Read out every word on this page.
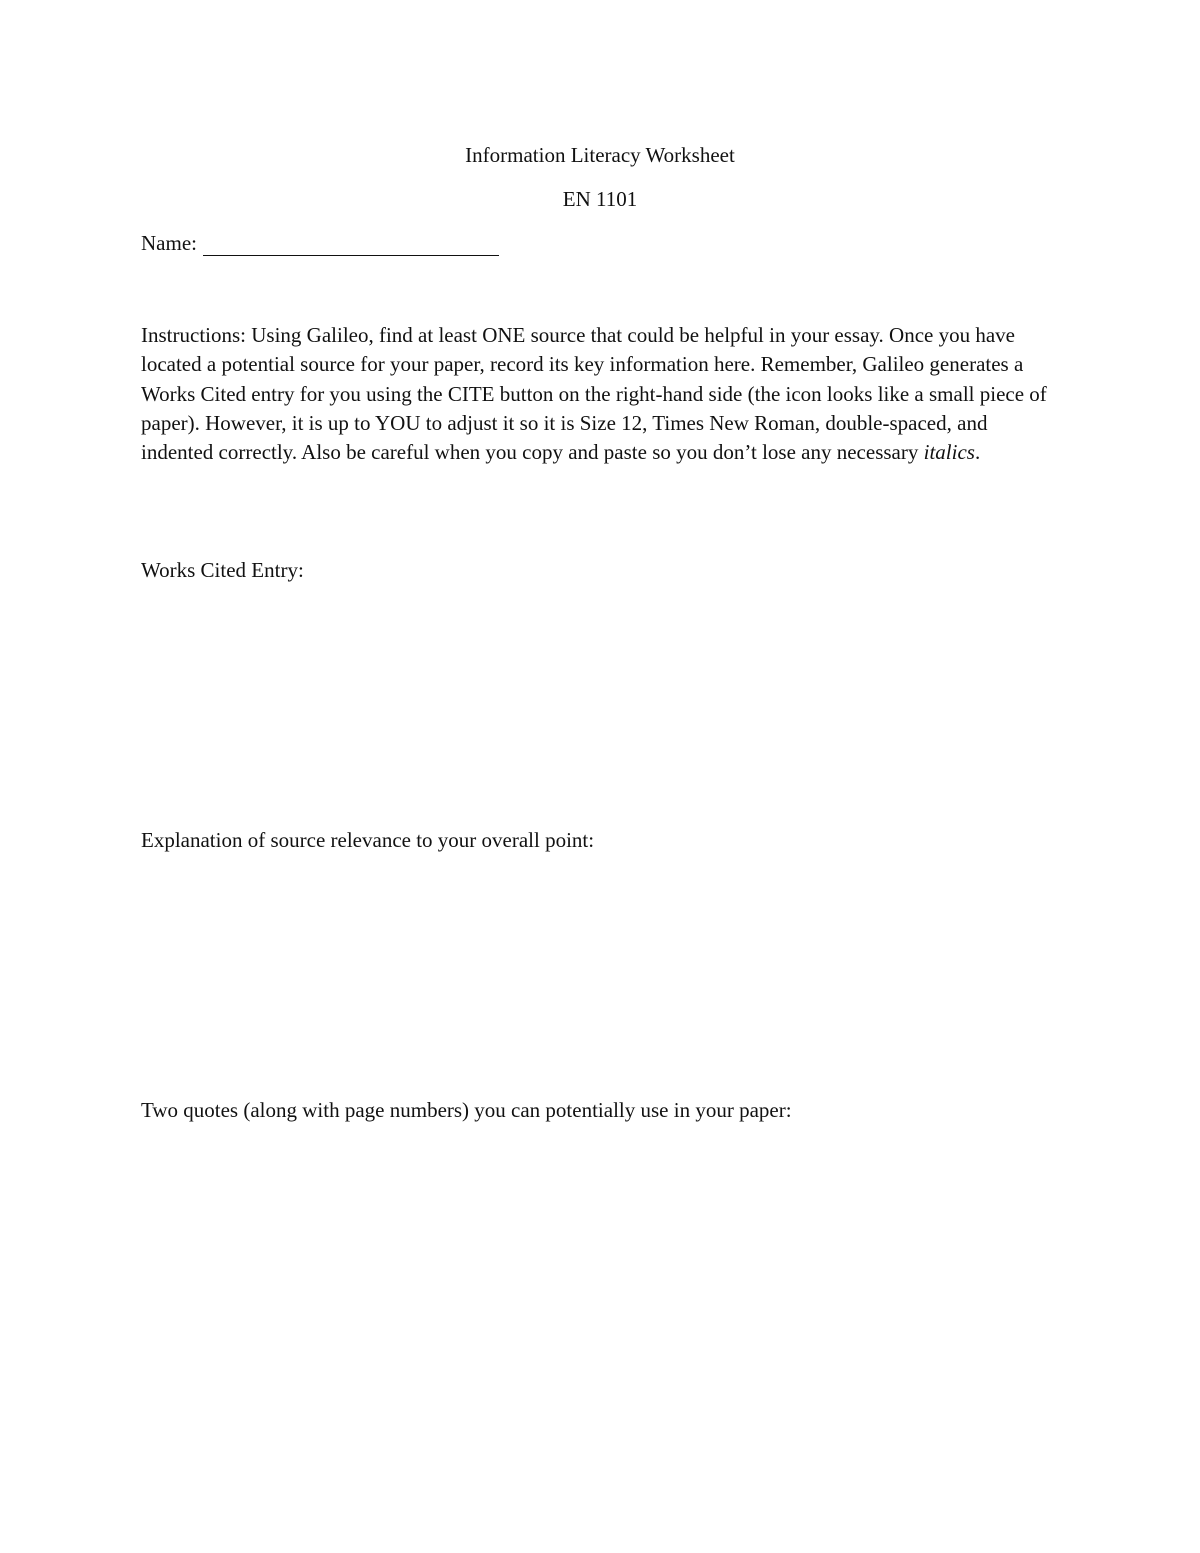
Information Literacy Worksheet
EN 1101
Name:

Instructions: Using Galileo, find at least ONE source that could be helpful in your essay. Once you have located a potential source for your paper, record its key information here. Remember, Galileo generates a Works Cited entry for you using the CITE button on the right-hand side (the icon looks like a small piece of paper). However, it is up to YOU to adjust it so it is Size 12, Times New Roman, double-spaced, and indented correctly. Also be careful when you copy and paste so you don’t lose any necessary italics.

Works Cited Entry:

Explanation of source relevance to your overall point:

Two quotes (along with page numbers) you can potentially use in your paper:
